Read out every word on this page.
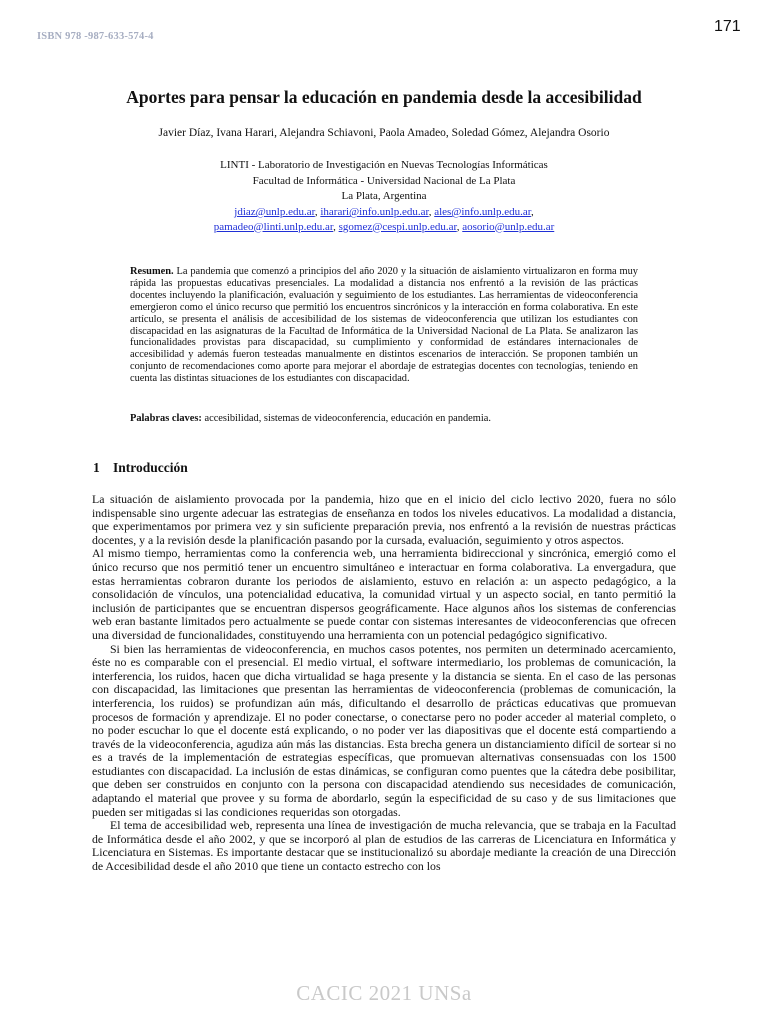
ISBN 978 -987-633-574-4
171
Aportes para pensar la educación en pandemia desde la accesibilidad
Javier Díaz, Ivana Harari, Alejandra Schiavoni, Paola Amadeo, Soledad Gómez, Alejandra Osorio
LINTI - Laboratorio de Investigación en Nuevas Tecnologías Informáticas
Facultad de Informática - Universidad Nacional de La Plata
La Plata, Argentina
jdiaz@unlp.edu.ar, iharari@info.unlp.edu.ar, ales@info.unlp.edu.ar,
pamadeo@linti.unlp.edu.ar, sgomez@cespi.unlp.edu.ar, aosorio@unlp.edu.ar

Resumen. La pandemia que comenzó a principios del año 2020 y la situación de aislamiento virtualizaron en forma muy rápida las propuestas educativas presenciales. La modalidad a distancia nos enfrentó a la revisión de las prácticas docentes incluyendo la planificación, evaluación y seguimiento de los estudiantes. Las herramientas de videoconferencia emergieron como el único recurso que permitió los encuentros sincrónicos y la interacción en forma colaborativa. En este artículo, se presenta el análisis de accesibilidad de los sistemas de videoconferencia que utilizan los estudiantes con discapacidad en las asignaturas de la Facultad de Informática de la Universidad Nacional de La Plata. Se analizaron las funcionalidades provistas para discapacidad, su cumplimiento y conformidad de estándares internacionales de accesibilidad y además fueron testeadas manualmente en distintos escenarios de interacción. Se proponen también un conjunto de recomendaciones como aporte para mejorar el abordaje de estrategias docentes con tecnologías, teniendo en cuenta las distintas situaciones de los estudiantes con discapacidad.

Palabras claves: accesibilidad, sistemas de videoconferencia, educación en pandemia.

1 Introducción

La situación de aislamiento provocada por la pandemia, hizo que en el inicio del ciclo lectivo 2020, fuera no sólo indispensable sino urgente adecuar las estrategias de enseñanza en todos los niveles educativos. La modalidad a distancia, que experimentamos por primera vez y sin suficiente preparación previa, nos enfrentó a la revisión de nuestras prácticas docentes, y a la revisión desde la planificación pasando por la cursada, evaluación, seguimiento y otros aspectos.

Al mismo tiempo, herramientas como la conferencia web, una herramienta bidireccional y sincrónica, emergió como el único recurso que nos permitió tener un encuentro simultáneo e interactuar en forma colaborativa. La envergadura, que estas herramientas cobraron durante los periodos de aislamiento, estuvo en relación a: un aspecto pedagógico, a la consolidación de vínculos, una potencialidad educativa, la comunidad virtual y un aspecto social, en tanto permitió la inclusión de participantes que se encuentran dispersos geográficamente. Hace algunos años los sistemas de conferencias web eran bastante limitados pero actualmente se puede contar con sistemas interesantes de videoconferencias que ofrecen una diversidad de funcionalidades, constituyendo una herramienta con un potencial pedagógico significativo.

Si bien las herramientas de videoconferencia, en muchos casos potentes, nos permiten un determinado acercamiento, éste no es comparable con el presencial. El medio virtual, el software intermediario, los problemas de comunicación, la interferencia, los ruidos, hacen que dicha virtualidad se haga presente y la distancia se sienta. En el caso de las personas con discapacidad, las limitaciones que presentan las herramientas de videoconferencia (problemas de comunicación, la interferencia, los ruidos) se profundizan aún más, dificultando el desarrollo de prácticas educativas que promuevan procesos de formación y aprendizaje. El no poder conectarse, o conectarse pero no poder acceder al material completo, o no poder escuchar lo que el docente está explicando, o no poder ver las diapositivas que el docente está compartiendo a través de la videoconferencia, agudiza aún más las distancias. Esta brecha genera un distanciamiento difícil de sortear si no es a través de la implementación de estrategias específicas, que promuevan alternativas consensuadas con los 1500 estudiantes con discapacidad. La inclusión de estas dinámicas, se configuran como puentes que la cátedra debe posibilitar, que deben ser construidos en conjunto con la persona con discapacidad atendiendo sus necesidades de comunicación, adaptando el material que provee y su forma de abordarlo, según la especificidad de su caso y de sus limitaciones que pueden ser mitigadas si las condiciones requeridas son otorgadas.

El tema de accesibilidad web, representa una línea de investigación de mucha relevancia, que se trabaja en la Facultad de Informática desde el año 2002, y que se incorporó al plan de estudios de las carreras de Licenciatura en Informática y Licenciatura en Sistemas. Es importante destacar que se institucionalizó su abordaje mediante la creación de una Dirección de Accesibilidad desde el año 2010 que tiene un contacto estrecho con los

CACIC 2021 UNSa
